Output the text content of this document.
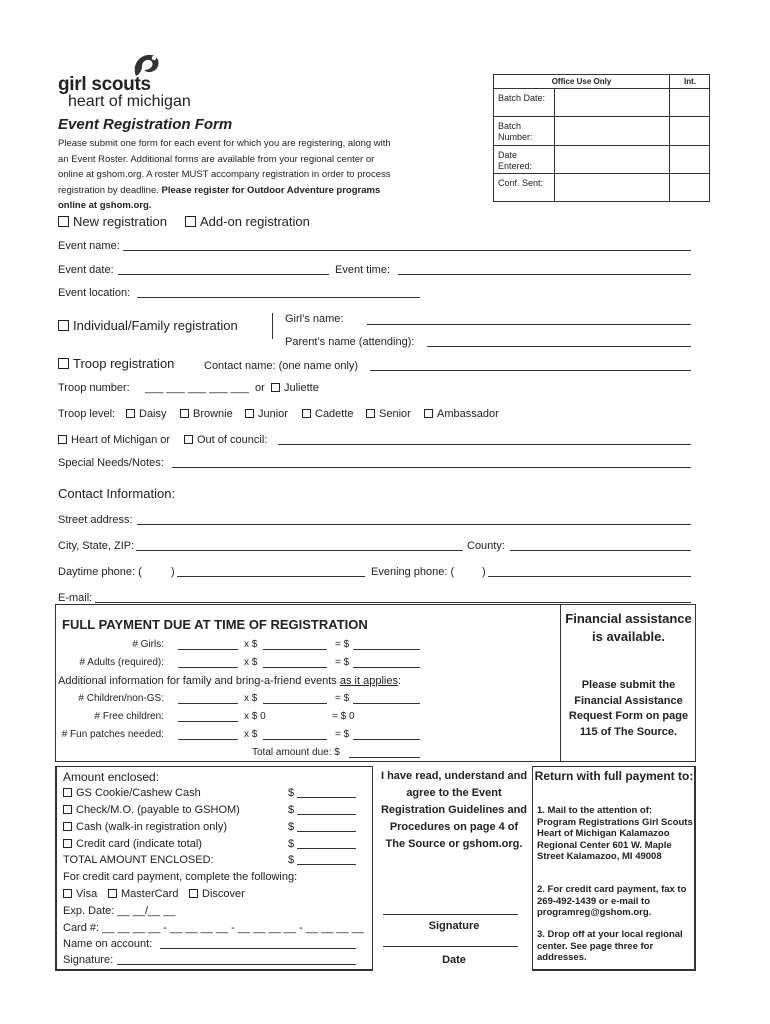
girl scouts
heart of michigan
Office Use Only	Int.
Batch Date:
Batch Number:
Date Entered:
Conf. Sent:
Event Registration Form
Please submit one form for each event for which you are registering, along with an Event Roster. Additional forms are available from your regional center or online at gshom.org. A roster MUST accompany registration in order to process registration by deadline. Please register for Outdoor Adventure programs online at gshom.org.
New registration	Add-on registration
Event name:
Event date:	Event time:
Event location:
Individual/Family registration	Girl’s name:
Parent’s name (attending):
Troop registration	Contact name: (one name only)
Troop number: ___ ___ ___ ___ ___ or	Juliette
Troop level:	Daisy	Brownie	Junior	Cadette	Senior	Ambassador
Heart of Michigan or	Out of council:
Special Needs/Notes:
Contact Information:
Street address:
City, State, ZIP:	County:
Daytime phone: (	)	Evening phone: (	)
E-mail:
Financial assistance is available.
Please submit the Financial Assistance Request Form on page 115 of The Source.
FULL PAYMENT DUE AT TIME OF REGISTRATION
# Girls:	x $	= $
# Adults (required):	x $	= $
Additional information for family and bring-a-friend events as it applies:
# Children/non-GS:	x $	= $
# Free children:	x $ 0	= $ 0
# Fun patches needed:	x $	= $
Total amount due: $
Amount enclosed:
GS Cookie/Cashew Cash	$
Check/M.O. (payable to GSHOM)	$
Cash (walk-in registration only)	$
Credit card (indicate total)	$
TOTAL AMOUNT ENCLOSED:	$
For credit card payment, complete the following:
Visa	MasterCard	Discover
Exp. Date: __ __/__ __
Card #: __ __ __ __ - __ __ __ __ - __ __ __ __ - __ __ __ __
Name on account:
Signature:
I have read, understand and agree to the Event Registration Guidelines and Procedures on page 4 of The Source or gshom.org.
Signature
Date
Return with full payment to:
1. Mail to the attention of: Program Registrations Girl Scouts Heart of Michigan Kalamazoo Regional Center 601 W. Maple Street Kalamazoo, MI 49008
2. For credit card payment, fax to 269-492-1439 or e-mail to programreg@gshom.org.
3. Drop off at your local regional center. See page three for addresses.
